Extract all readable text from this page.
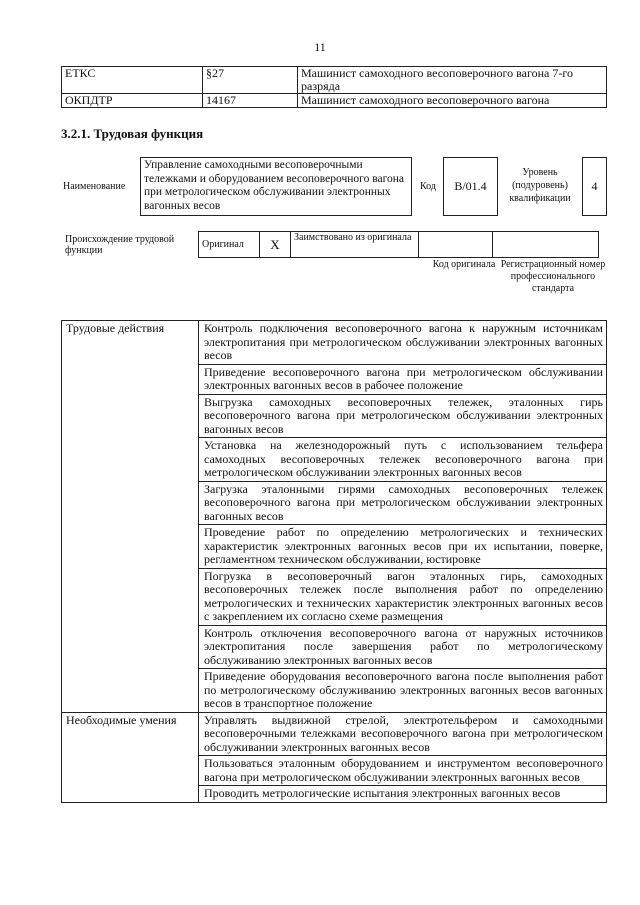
11
ЕТКС	§27	Машинист самоходного весоповерочного вагона 7-го разряда
ОКПДТР	14167	Машинист самоходного весоповерочного вагона
3.2.1. Трудовая функция
Наименование
Управление самоходными весоповерочными тележками и оборудованием весоповерочного вагона при метрологическом обслуживании электронных вагонных весов
Код	В/01.4
Уровень (подуровень) квалификации
4
Происхождение трудовой функции
Оригинал	X	Заимствовано из оригинала		
Код оригинала Регистрационный номер профессионального стандарта
Трудовые действия	Контроль подключения весоповерочного вагона к наружным источникам электропитания при метрологическом обслуживании электронных вагонных весов
	Приведение весоповерочного вагона при метрологическом обслуживании электронных вагонных весов в рабочее положение
	Выгрузка самоходных весоповерочных тележек, эталонных гирь весоповерочного вагона при метрологическом обслуживании электронных вагонных весов
	Установка на железнодорожный путь с использованием тельфера самоходных весоповерочных тележек весоповерочного вагона при метрологическом обслуживании электронных вагонных весов
	Загрузка эталонными гирями самоходных весоповерочных тележек весоповерочного вагона при метрологическом обслуживании электронных вагонных весов
	Проведение работ по определению метрологических и технических характеристик электронных вагонных весов при их испытании, поверке, регламентном техническом обслуживании, юстировке
	Погрузка в весоповерочный вагон эталонных гирь, самоходных весоповерочных тележек после выполнения работ по определению метрологических и технических характеристик электронных вагонных весов с закреплением их согласно схеме размещения
	Контроль отключения весоповерочного вагона от наружных источников электропитания после завершения работ по метрологическому обслуживанию электронных вагонных весов
	Приведение оборудования весоповерочного вагона после выполнения работ по метрологическому обслуживанию электронных вагонных весов вагонных весов в транспортное положение
Необходимые умения	Управлять выдвижной стрелой, электротельфером и самоходными весоповерочными тележками весоповерочного вагона при метрологическом обслуживании электронных вагонных весов
	Пользоваться эталонным оборудованием и инструментом весоповерочного вагона при метрологическом обслуживании электронных вагонных весов
	Проводить метрологические испытания электронных вагонных весов
